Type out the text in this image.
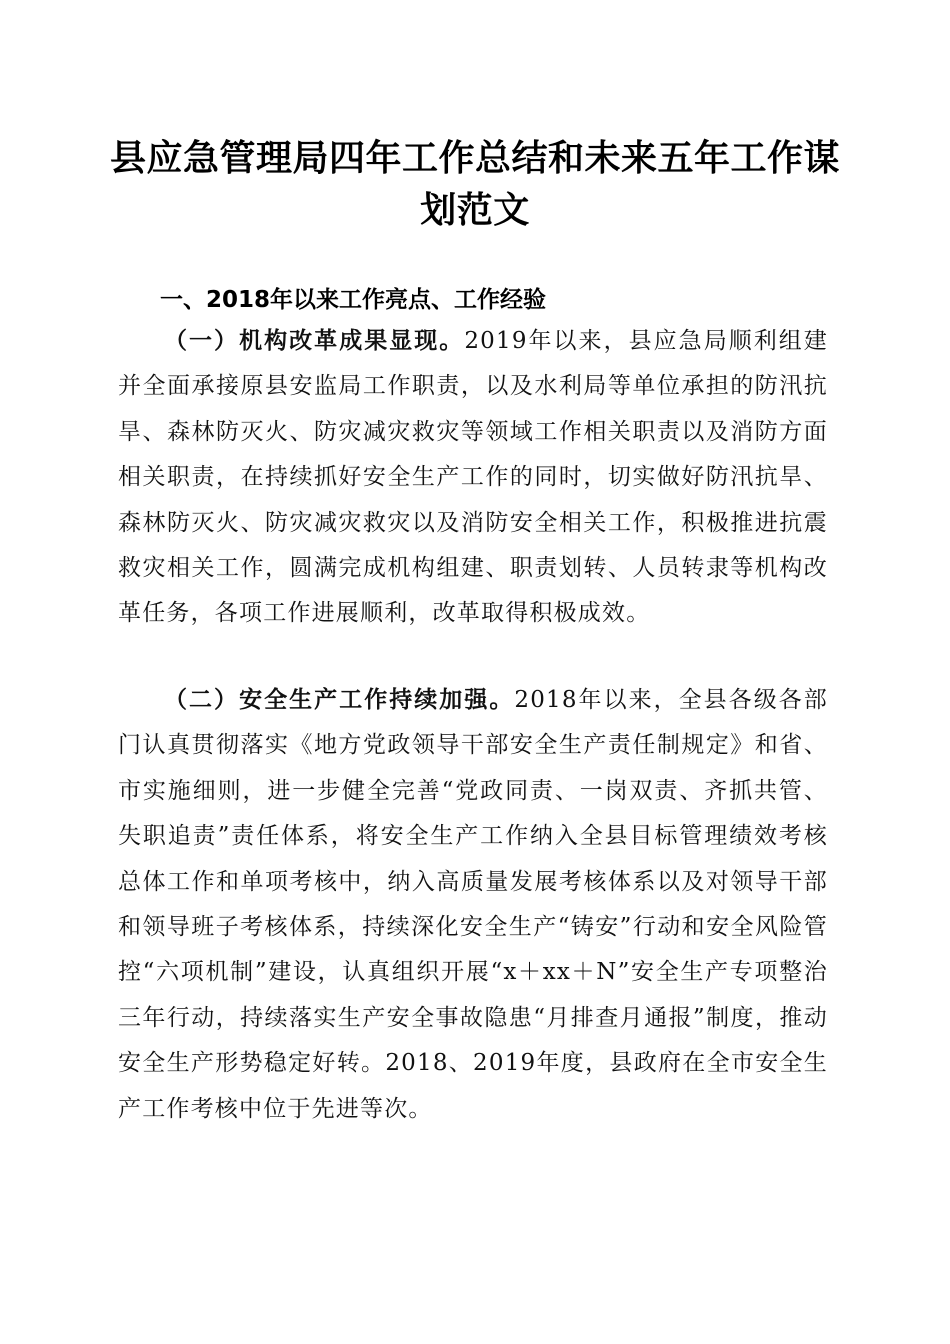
县应急管理局四年工作总结和未来五年工作谋划范文
一、2018年以来工作亮点、工作经验

（一）机构改革成果显现。2019年以来，县应急局顺利组建并全面承接原县安监局工作职责，以及水利局等单位承担的防汛抗旱、森林防灭火、防灾减灾救灾等领域工作相关职责以及消防方面相关职责，在持续抓好安全生产工作的同时，切实做好防汛抗旱、森林防灭火、防灾减灾救灾以及消防安全相关工作，积极推进抗震救灾相关工作，圆满完成机构组建、职责划转、人员转隶等机构改革任务，各项工作进展顺利，改革取得积极成效。

（二）安全生产工作持续加强。2018年以来，全县各级各部门认真贯彻落实《地方党政领导干部安全生产责任制规定》和省、市实施细则，进一步健全完善“党政同责、一岗双责、齐抓共管、失职追责”责任体系，将安全生产工作纳入全县目标管理绩效考核总体工作和单项考核中，纳入高质量发展考核体系以及对领导干部和领导班子考核体系，持续深化安全生产“铸安”行动和安全风险管控“六项机制”建设，认真组织开展“x＋xx＋N”安全生产专项整治三年行动，持续落实生产安全事故隐患“月排查月通报”制度，推动安全生产形势稳定好转。2018、2019年度，县政府在全市安全生产工作考核中位于先进等次。
